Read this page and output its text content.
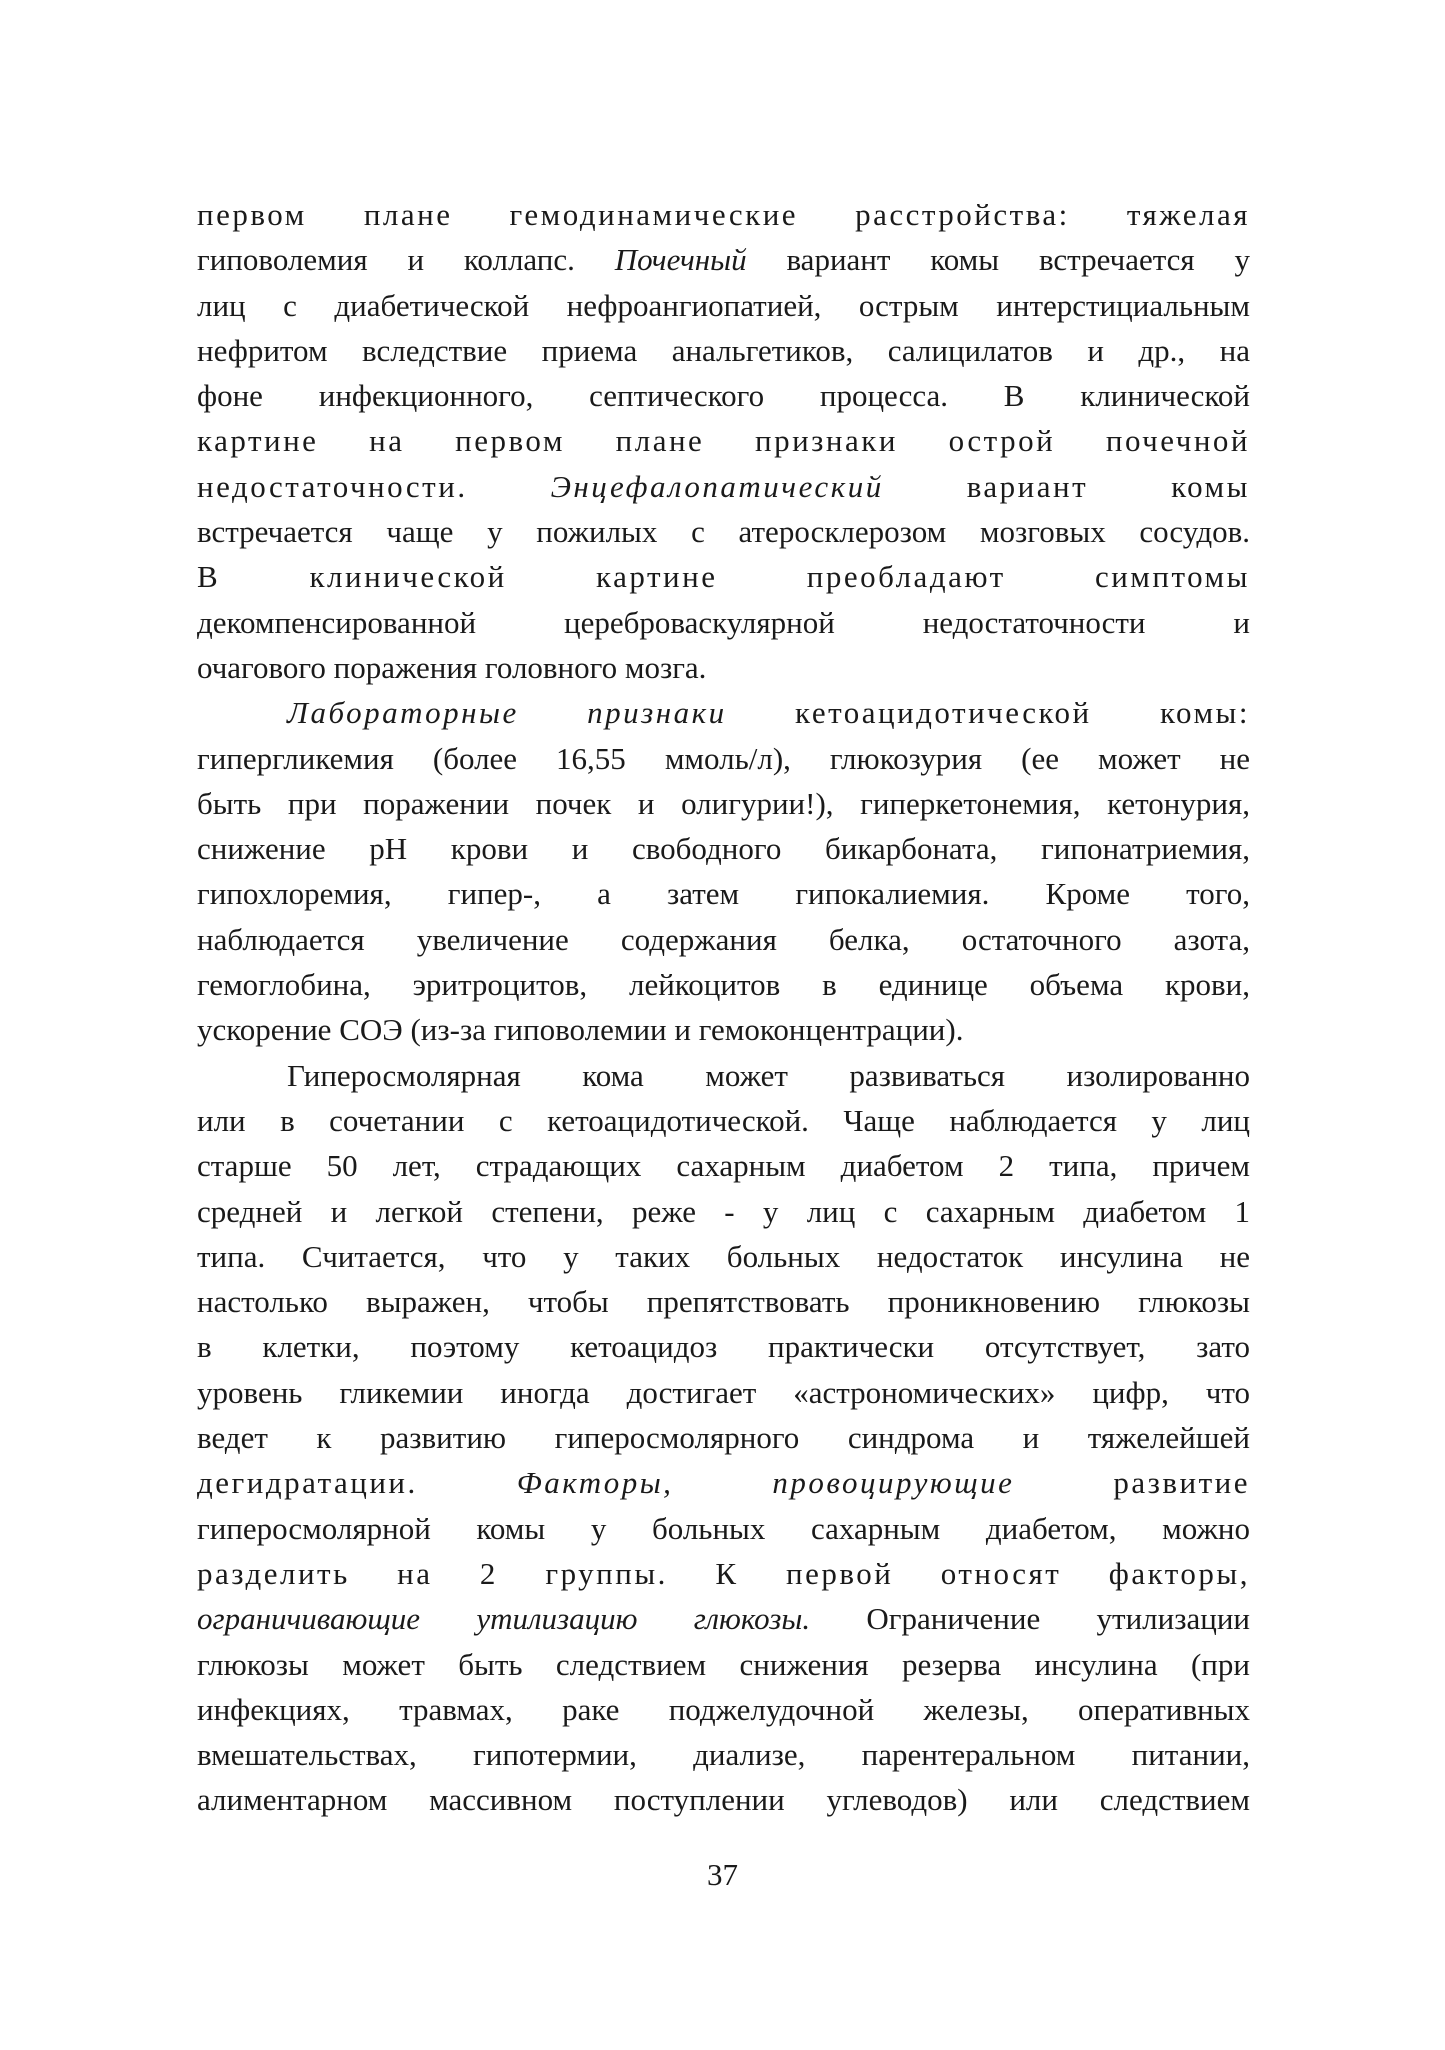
первом плане гемодинамические расстройства: тяжелая
гиповолемия и коллапс. Почечный вариант комы встречается у
лиц с диабетической нефроангиопатией, острым интерстициальным
нефритом вследствие приема анальгетиков, салицилатов и др., на
фоне инфекционного, септического процесса. В клинической
картине на первом плане признаки острой почечной
недостаточности. Энцефалопатический вариант комы
встречается чаще у пожилых с атеросклерозом мозговых сосудов.
В клинической картине преобладают симптомы
декомпенсированной цереброваскулярной недостаточности и
очагового поражения головного мозга.
Лабораторные признаки кетоацидотической комы:
гипергликемия (более 16,55 ммоль/л), глюкозурия (ее может не
быть при поражении почек и олигурии!), гиперкетонемия, кетонурия,
снижение pH крови и свободного бикарбоната, гипонатриемия,
гипохлоремия, гипер-, а затем гипокалиемия. Кроме того,
наблюдается увеличение содержания белка, остаточного азота,
гемоглобина, эритроцитов, лейкоцитов в единице объема крови,
ускорение СОЭ (из-за гиповолемии и гемоконцентрации).
Гиперосмолярная кома может развиваться изолированно
или в сочетании с кетоацидотической. Чаще наблюдается у лиц
старше 50 лет, страдающих сахарным диабетом 2 типа, причем
средней и легкой степени, реже - у лиц с сахарным диабетом 1
типа. Считается, что у таких больных недостаток инсулина не
настолько выражен, чтобы препятствовать проникновению глюкозы
в клетки, поэтому кетоацидоз практически отсутствует, зато
уровень гликемии иногда достигает «астрономических» цифр, что
ведет к развитию гиперосмолярного синдрома и тяжелейшей
дегидратации. Факторы, провоцирующие развитие
гиперосмолярной комы у больных сахарным диабетом, можно
разделить на 2 группы. К первой относят факторы,
ограничивающие утилизацию глюкозы. Ограничение утилизации
глюкозы может быть следствием снижения резерва инсулина (при
инфекциях, травмах, раке поджелудочной железы, оперативных
вмешательствах, гипотермии, диализе, парентеральном питании,
алиментарном массивном поступлении углеводов) или следствием
37
